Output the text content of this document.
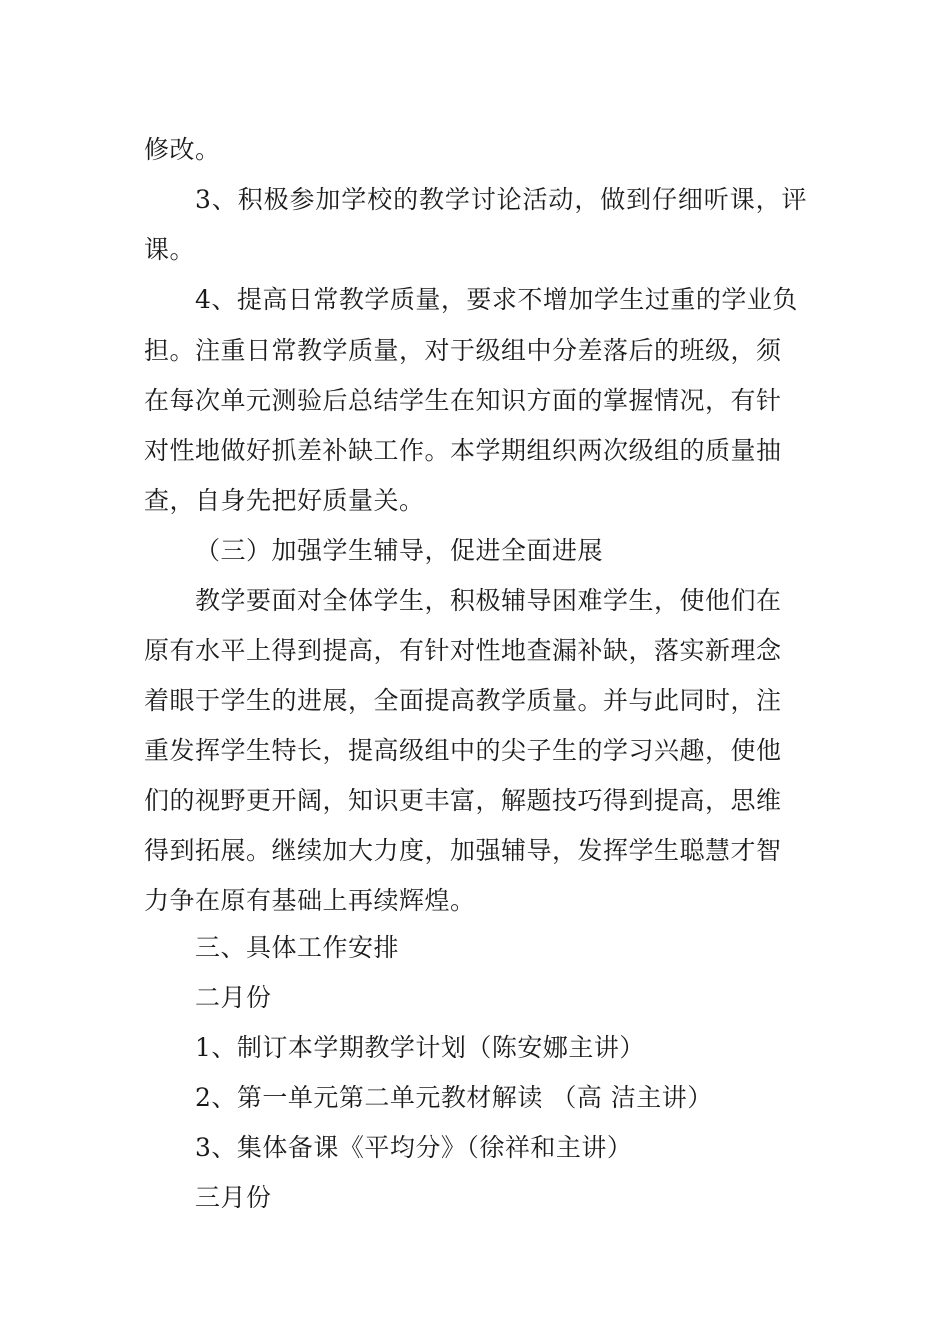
修改。
3、积极参加学校的教学讨论活动，做到仔细听课，评
课。
4、提高日常教学质量，要求不增加学生过重的学业负
担。注重日常教学质量，对于级组中分差落后的班级，须
在每次单元测验后总结学生在知识方面的掌握情况，有针
对性地做好抓差补缺工作。本学期组织两次级组的质量抽
查，自身先把好质量关。
（三）加强学生辅导，促进全面进展
教学要面对全体学生，积极辅导困难学生，使他们在
原有水平上得到提高，有针对性地查漏补缺，落实新理念
着眼于学生的进展，全面提高教学质量。并与此同时，注
重发挥学生特长，提高级组中的尖子生的学习兴趣，使他
们的视野更开阔，知识更丰富，解题技巧得到提高，思维
得到拓展。继续加大力度，加强辅导，发挥学生聪慧才智
力争在原有基础上再续辉煌。
三、具体工作安排
二月份
1、制订本学期教学计划（陈安娜主讲）
2、第一单元第二单元教材解读 （高 洁主讲）
3、集体备课《平均分》（徐祥和主讲）
三月份
